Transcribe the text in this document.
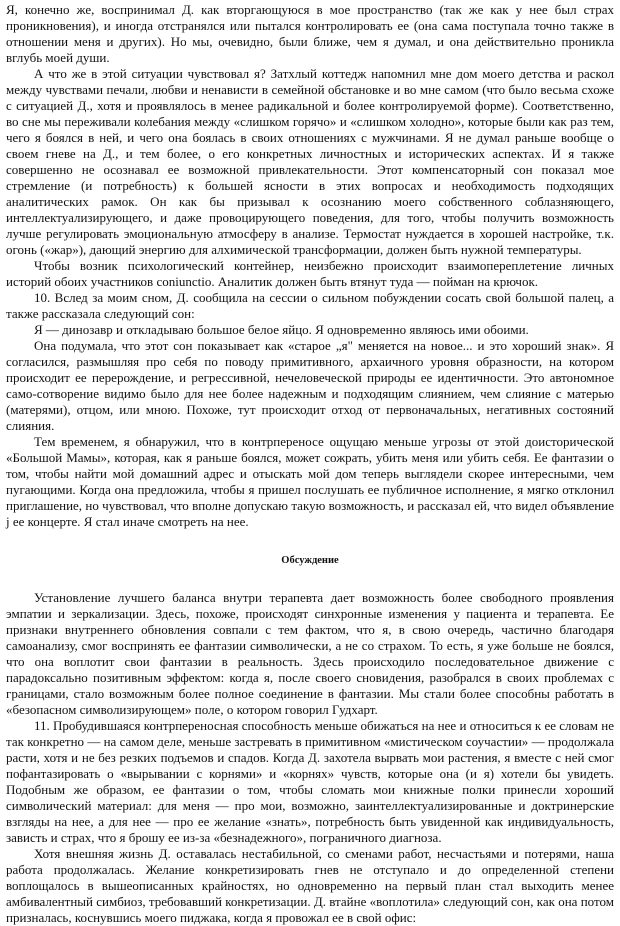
Я, конечно же, воспринимал Д. как вторгающуюся в мое пространство (так же как у нее был страх проникновения), и иногда отстранялся или пытался контролировать ее (она сама поступала точно также в отношении меня и других). Но мы, очевидно, были ближе, чем я думал, и она действительно проникла вглубь моей души.

А что же в этой ситуации чувствовал я? Затхлый коттедж напомнил мне дом моего детства и раскол между чувствами печали, любви и ненависти в семейной обстановке и во мне самом (что было весьма схоже с ситуацией Д., хотя и проявлялось в менее радикальной и более контролируемой форме). Соответственно, во сне мы переживали колебания между «слишком горячо» и «слишком холодно», которые были как раз тем, чего я боялся в ней, и чего она боялась в своих отношениях с мужчинами. Я не думал раньше вообще о своем гневе на Д., и тем более, о его конкретных личностных и исторических аспектах. И я также совершенно не осознавал ее возможной привлекательности. Этот компенсаторный сон показал мое стремление (и потребность) к большей ясности в этих вопросах и необходимость подходящих аналитических рамок. Он как бы призывал к осознанию моего собственного соблазняющего, интеллектуализирующего, и даже провоцирующего поведения, для того, чтобы получить возможность лучше регулировать эмоциональную атмосферу в анализе. Термостат нуждается в хорошей настройке, т.к. огонь («жар»), дающий энергию для алхимической трансформации, должен быть нужной температуры.

Чтобы возник психологический контейнер, неизбежно происходит взаимопереплетение личных историй обоих участников coniunctio. Аналитик должен быть втянут туда — пойман на крючок.

10. Вслед за моим сном, Д. сообщила на сессии о сильном побуждении сосать свой большой палец, а также рассказала следующий сон:

Я — динозавр и откладываю большое белое яйцо. Я одновременно являюсь ими обоими.

Она подумала, что этот сон показывает как «старое „я" меняется на новое... и это хороший знак». Я согласился, размышляя про себя по поводу примитивного, архаичного уровня образности, на котором происходит ее перерождение, и регрессивной, нечеловеческой природы ее идентичности. Это автономное само-сотворение видимо было для нее более надежным и подходящим слиянием, чем слияние с матерью (матерями), отцом, или мною. Похоже, тут происходит отход от первоначальных, негативных состояний слияния.

Тем временем, я обнаружил, что в контрпереносе ощущаю меньше угрозы от этой доисторической «Большой Мамы», которая, как я раньше боялся, может сожрать, убить меня или убить себя. Ее фантазии о том, чтобы найти мой домашний адрес и отыскать мой дом теперь выглядели скорее интересными, чем пугающими. Когда она предложила, чтобы я пришел послушать ее публичное исполнение, я мягко отклонил приглашение, но чувствовал, что вполне допускаю такую возможность, и рассказал ей, что видел объявление j ее концерте. Я стал иначе смотреть на нее.

Обсуждение

Установление лучшего баланса внутри терапевта дает возможность более свободного проявления эмпатии и зеркализации. Здесь, похоже, происходят синхронные изменения у пациента и терапевта. Ее признаки внутреннего обновления совпали с тем фактом, что я, в свою очередь, частично благодаря самоанализу, смог воспринять ее фантазии символически, а не со страхом. То есть, я уже больше не боялся, что она воплотит свои фантазии в реальность. Здесь происходило последовательное движение с парадоксально позитивным эффектом: когда я, после своего сновидения, разобрался в своих проблемах с границами, стало возможным более полное соединение в фантазии. Мы стали более способны работать в «безопасном символизирующем» поле, о котором говорил Гудхарт.

11. Пробудившаяся контрпереносная способность меньше обижаться на нее и относиться к ее словам не так конкретно — на самом деле, меньше застревать в примитивном «мистическом соучастии» — продолжала расти, хотя и не без резких подъемов и спадов. Когда Д. захотела вырвать мои растения, я вместе с ней смог пофантазировать о «вырывании с корнями» и «корнях» чувств, которые она (и я) хотели бы увидеть. Подобным же образом, ее фантазии о том, чтобы сломать мои книжные полки принесли хороший символический материал: для меня — про мои, возможно, заинтеллектуализированные и доктринерские взгляды на нее, а для нее — про ее желание «знать», потребность быть увиденной как индивидуальность, зависть и страх, что я брошу ее из-за «безнадежного», пограничного диагноза.

Хотя внешняя жизнь Д. оставалась нестабильной, со сменами работ, несчастьями и потерями, наша работа продолжалась. Желание конкретизировать гнев не отступало и до определенной степени воплощалось в вышеописанных крайностях, но одновременно на первый план стал выходить менее амбивалентный симбиоз, требовавший конкретизации. Д. втайне «воплотила» следующий сон, как она потом призналась, коснувшись моего пиджака, когда я провожал ее в свой офис:
